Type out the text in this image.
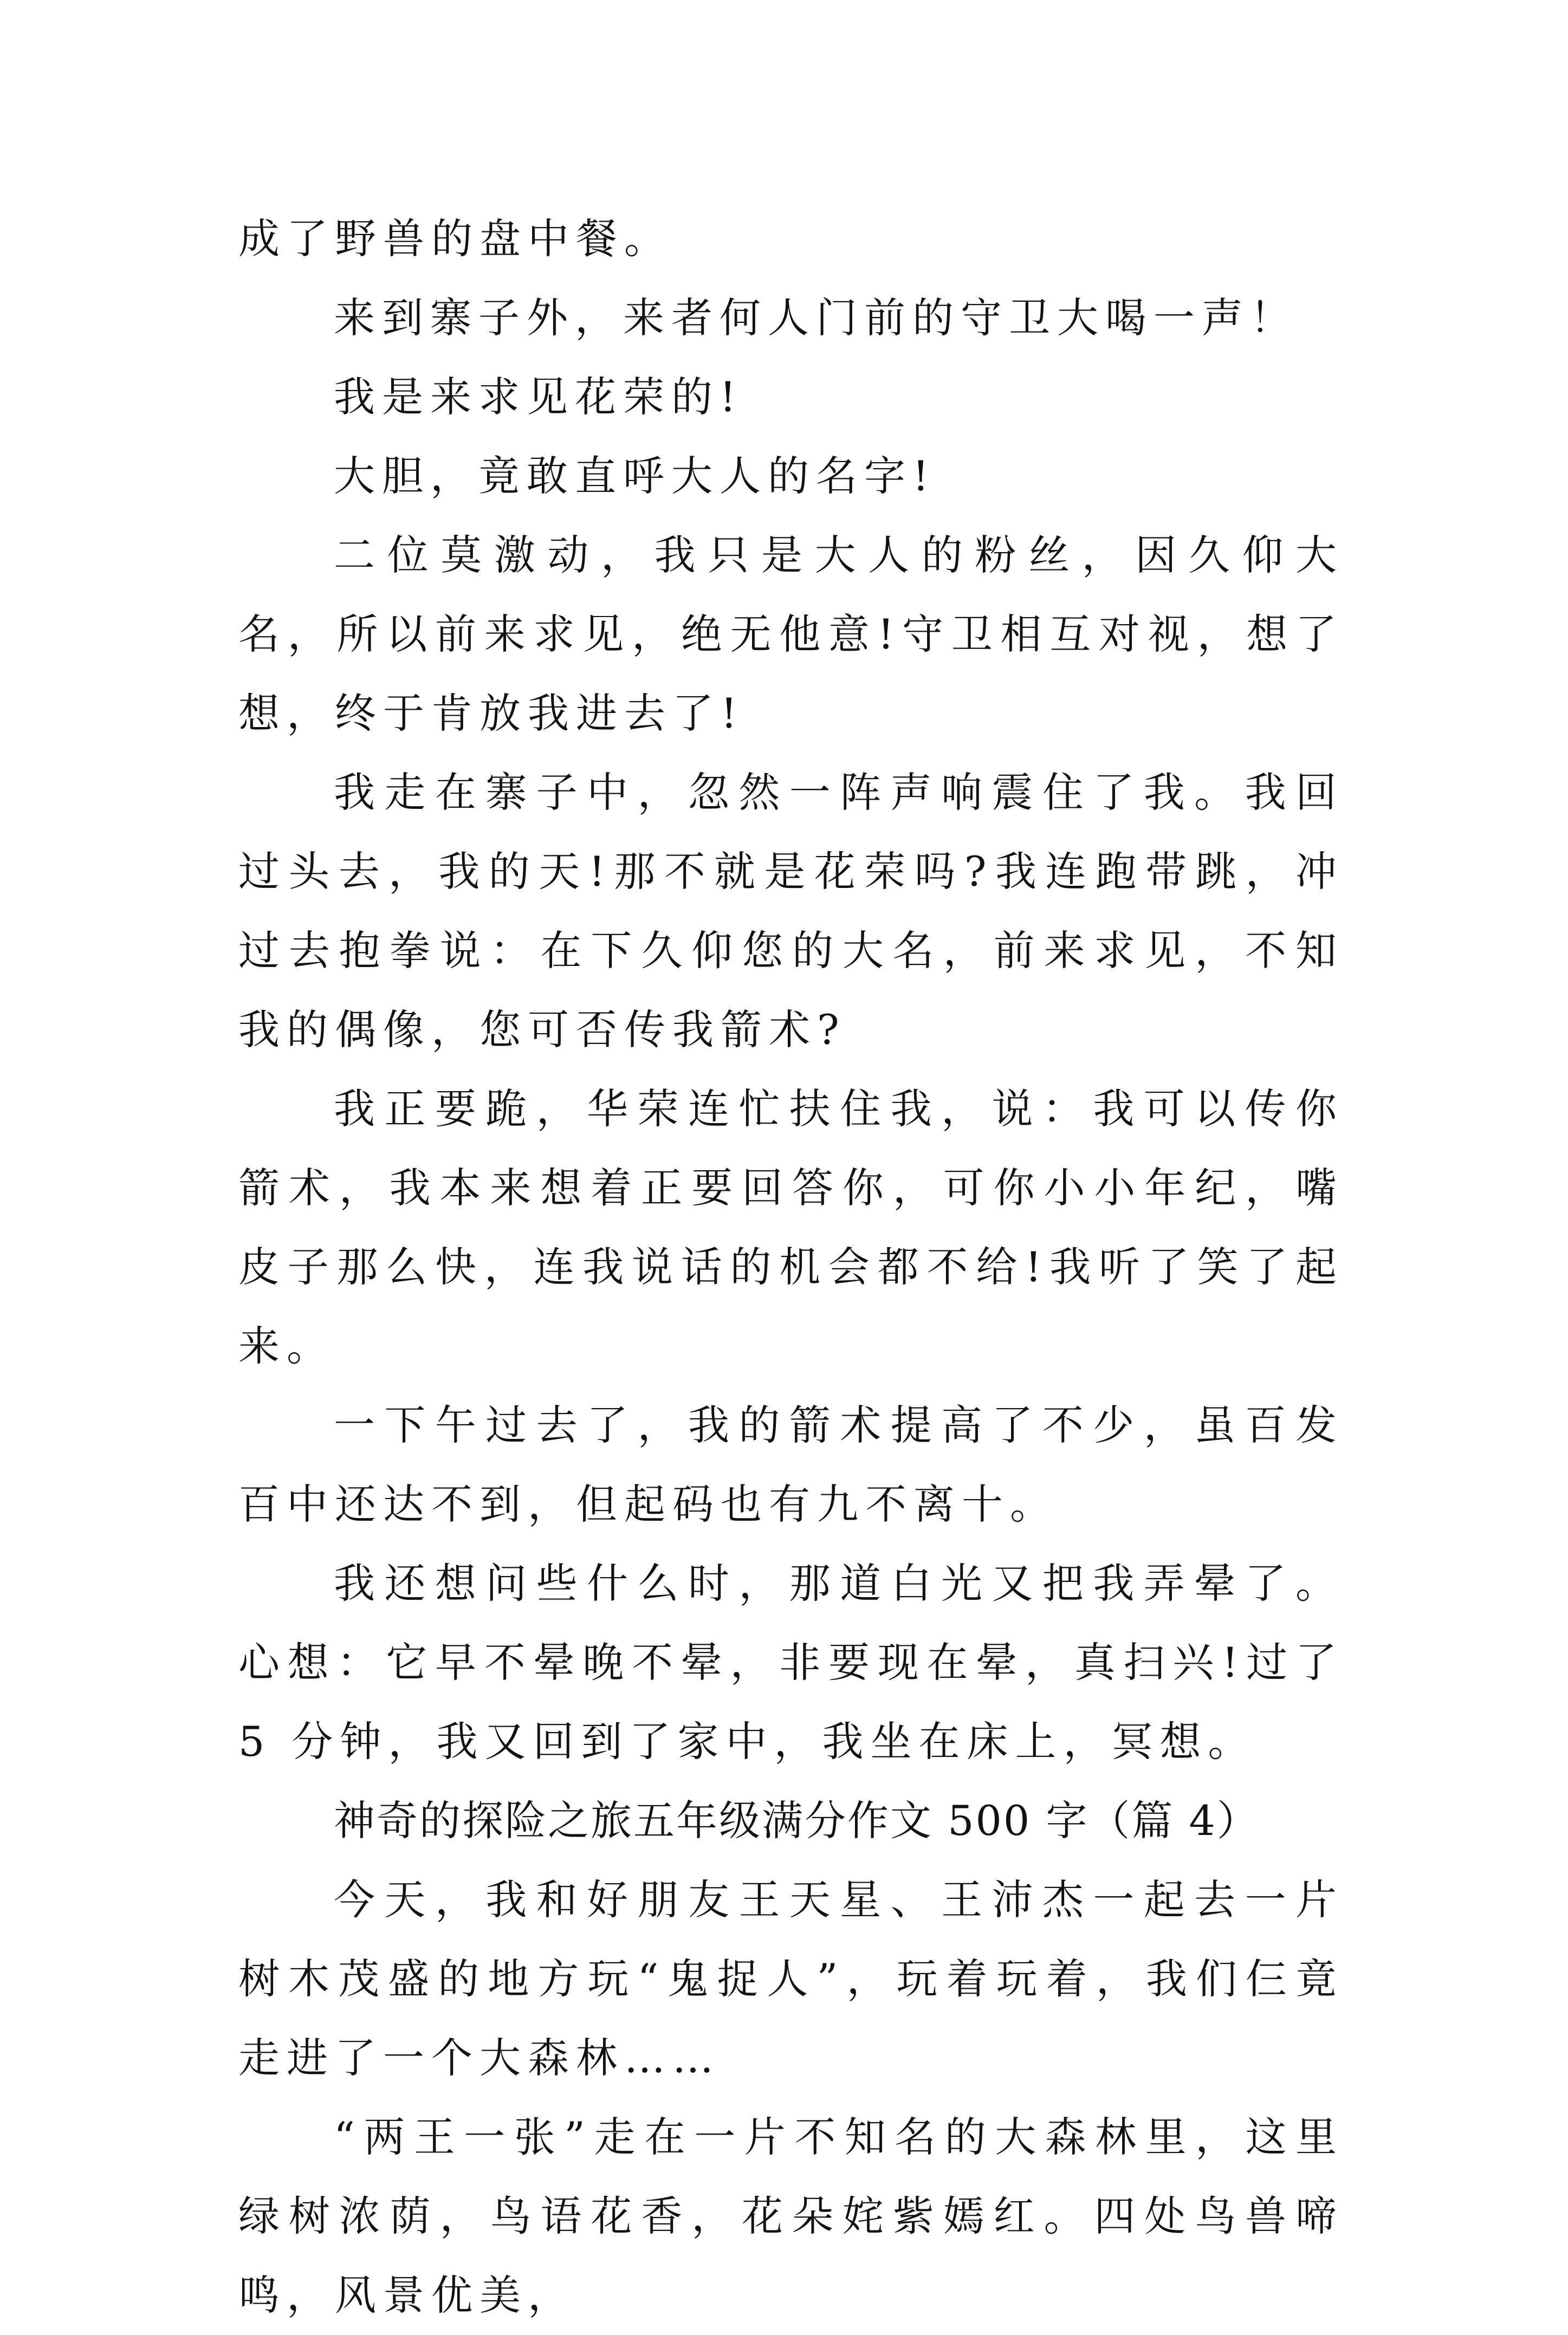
成了野兽的盘中餐。

来到寨子外，来者何人门前的守卫大喝一声！

我是来求见花荣的!

大胆，竟敢直呼大人的名字!

二位莫激动，我只是大人的粉丝，因久仰大名，所以前来求见，绝无他意!守卫相互对视，想了想，终于肯放我进去了!

我走在寨子中，忽然一阵声响震住了我。我回过头去，我的天!那不就是花荣吗?我连跑带跳，冲过去抱拳说：在下久仰您的大名，前来求见，不知我的偶像，您可否传我箭术?

我正要跪，华荣连忙扶住我，说：我可以传你箭术，我本来想着正要回答你，可你小小年纪，嘴皮子那么快，连我说话的机会都不给!我听了笑了起来。

一下午过去了，我的箭术提高了不少，虽百发百中还达不到，但起码也有九不离十。

我还想问些什么时，那道白光又把我弄晕了。心想：它早不晕晚不晕，非要现在晕，真扫兴!过了 5 分钟，我又回到了家中，我坐在床上，冥想。

神奇的探险之旅五年级满分作文 500 字（篇 4）

今天，我和好朋友王天星、王沛杰一起去一片树木茂盛的地方玩“鬼捉人”，玩着玩着，我们仨竟走进了一个大森林……

“两王一张”走在一片不知名的大森林里，这里绿树浓荫，鸟语花香，花朵姹紫嫣红。四处鸟兽啼鸣，风景优美，
